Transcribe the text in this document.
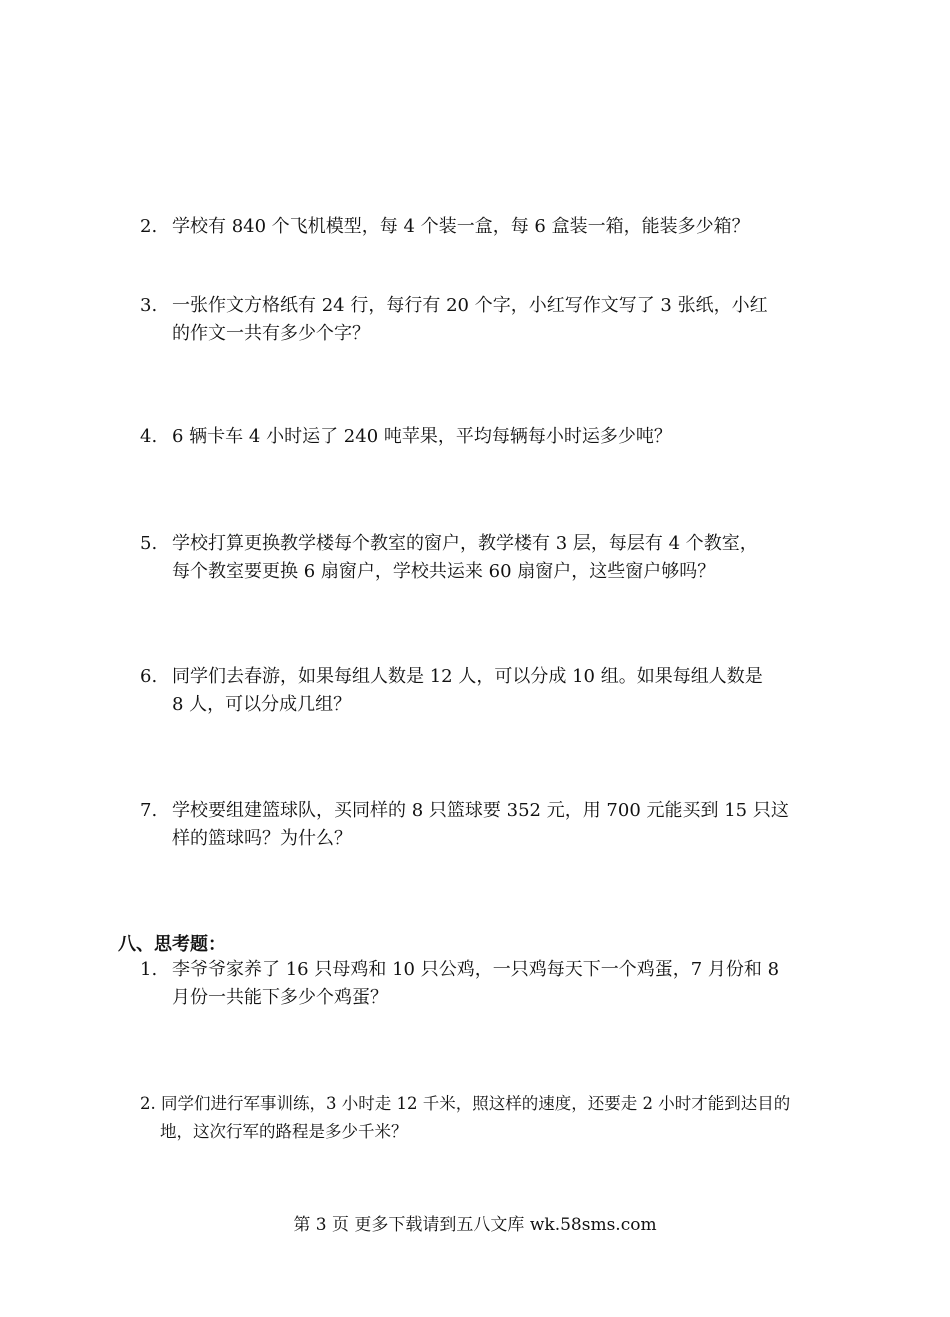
2. 学校有 840 个飞机模型，每 4 个装一盒，每 6 盒装一箱，能装多少箱？
3. 一张作文方格纸有 24 行，每行有 20 个字，小红写作文写了 3 张纸，小红
的作文一共有多少个字？
4. 6 辆卡车 4 小时运了 240 吨苹果，平均每辆每小时运多少吨？
5. 学校打算更换教学楼每个教室的窗户，教学楼有 3 层，每层有 4 个教室，
每个教室要更换 6 扇窗户，学校共运来 60 扇窗户，这些窗户够吗？
6. 同学们去春游，如果每组人数是 12 人，可以分成 10 组。如果每组人数是
8 人，可以分成几组？
7. 学校要组建篮球队，买同样的 8 只篮球要 352 元，用 700 元能买到 15 只这
样的篮球吗？为什么？
八、思考题：
1. 李爷爷家养了 16 只母鸡和 10 只公鸡，一只鸡每天下一个鸡蛋，7 月份和 8
月份一共能下多少个鸡蛋？
2. 同学们进行军事训练，3 小时走 12 千米，照这样的速度，还要走 2 小时才能到达目的
地，这次行军的路程是多少千米？
第 3 页 更多下载请到五八文库 wk.58sms.com
